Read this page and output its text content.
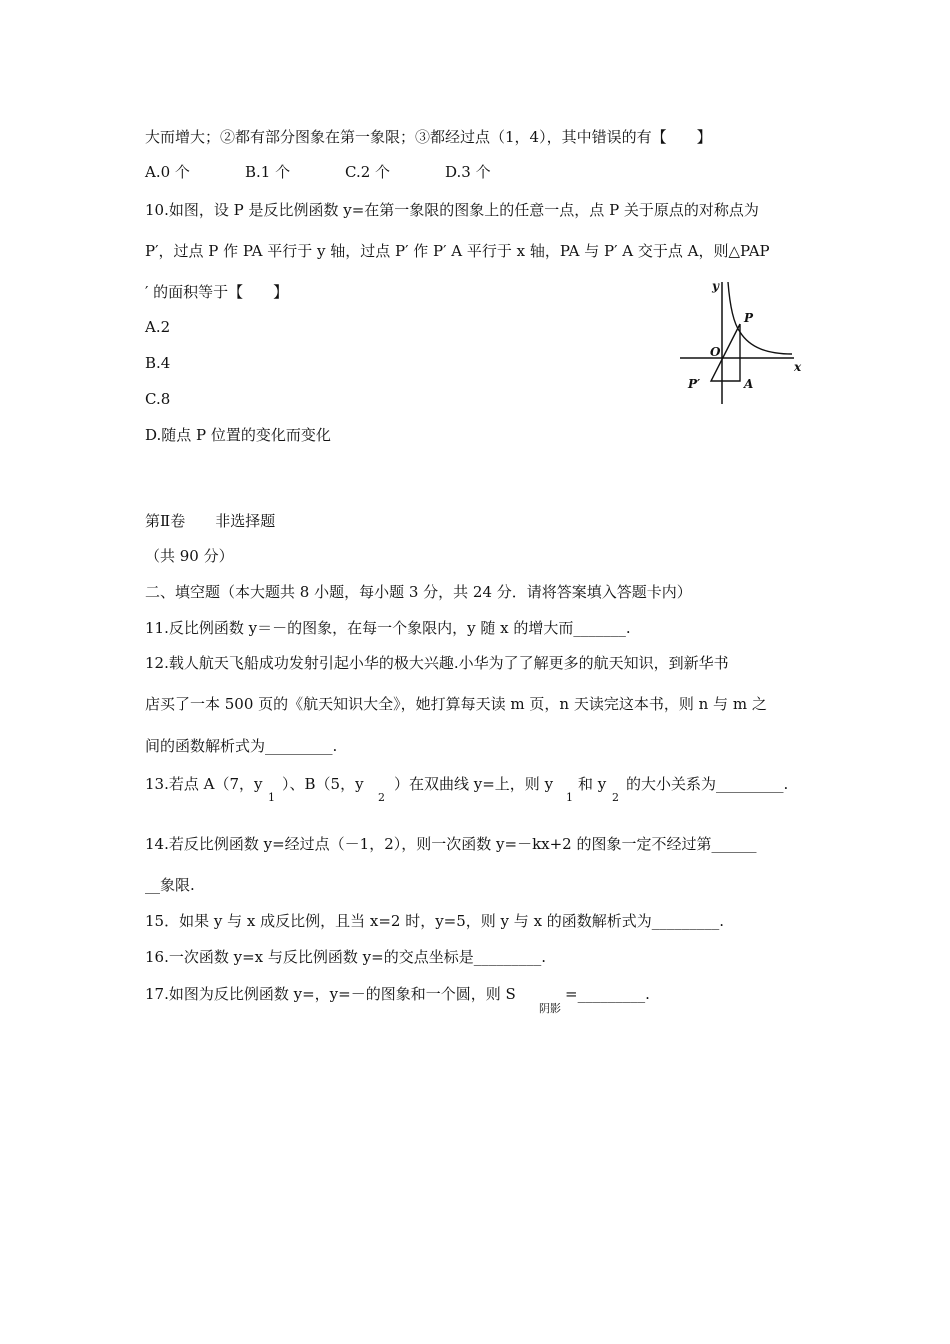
大而增大；②都有部分图象在第一象限；③都经过点（1，4），其中错误的有【　　】
A.0 个	B.1 个	C.2 个	D.3 个
10.如图，设 P 是反比例函数 y=在第一象限的图象上的任意一点，点 P 关于原点的对称点为
P′，过点 P 作 PA 平行于 y 轴，过点 P′ 作 P′ A 平行于 x 轴，PA 与 P′ A 交于点 A，则△PAP
′ 的面积等于【　　】
A.2
B.4
C.8
D.随点 P 位置的变化而变化
y
x
O
P
P′	A
第Ⅱ卷　　非选择题
（共 90 分）
二、填空题（本大题共 8 小题，每小题 3 分，共 24 分．请将答案填入答题卡内）
11.反比例函数 y＝－的图象，在每一个象限内，y 随 x 的增大而_______.
12.载人航天飞船成功发射引起小华的极大兴趣.小华为了了解更多的航天知识，到新华书
店买了一本 500 页的《航天知识大全》，她打算每天读 m 页，n 天读完这本书，则 n 与 m 之
间的函数解析式为_________.
13.若点 A（7，y
1
）、B（5，y
2
）在双曲线 y=上，则 y
1
和 y
2
的大小关系为_________.
14.若反比例函数 y=经过点（－1，2），则一次函数 y=－kx+2 的图象一定不经过第______
__象限.
15．如果 y 与 x 成反比例，且当 x=2 时，y=5，则 y 与 x 的函数解析式为_________.
16.一次函数 y=x 与反比例函数 y=的交点坐标是_________.
17.如图为反比例函数 y=，y=－的图象和一个圆，则 S
阴影
=_________.
